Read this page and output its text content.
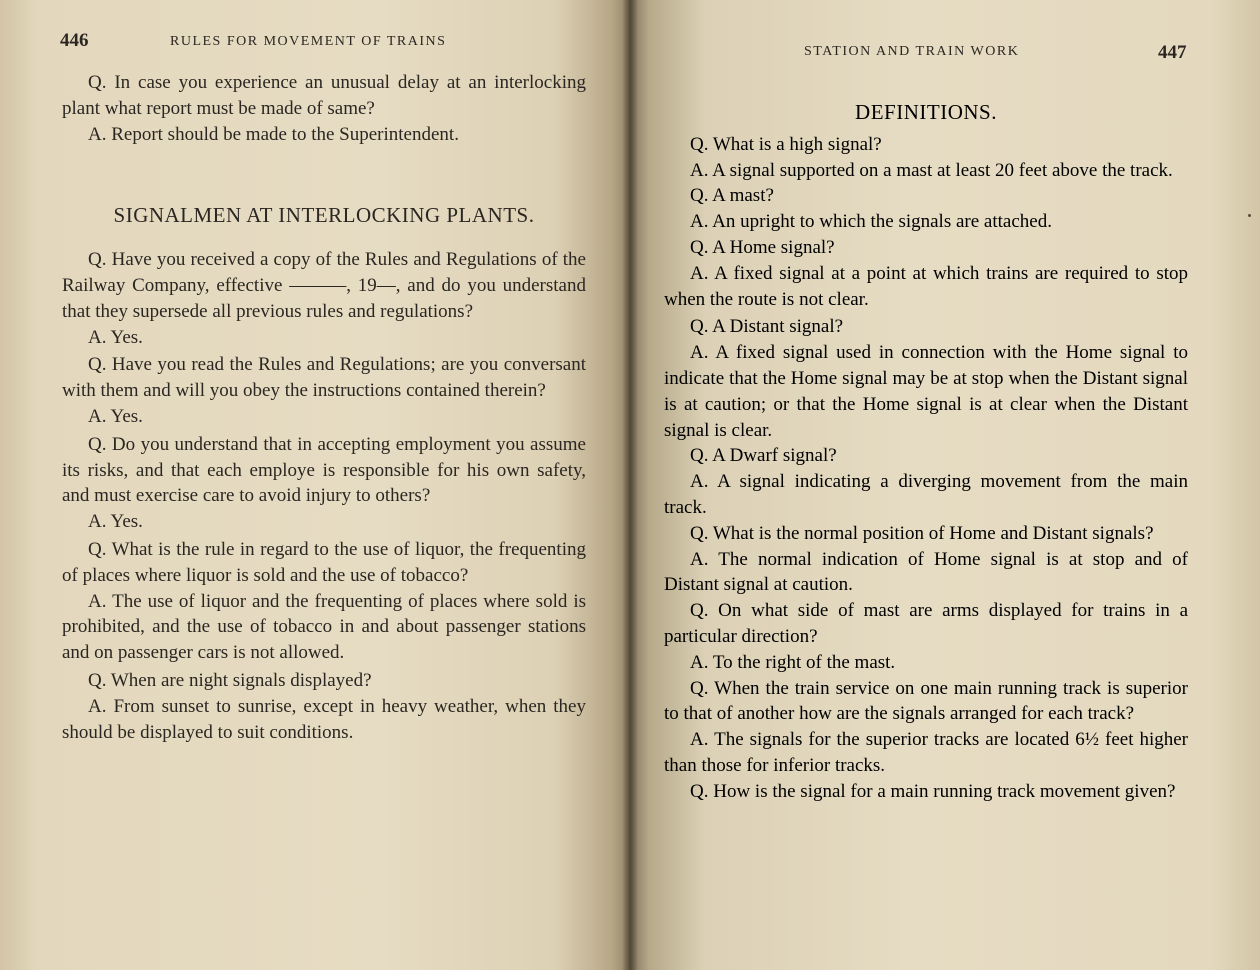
446	RULES FOR MOVEMENT OF TRAINS

Q. In case you experience an unusual delay at an interlocking plant what report must be made of same?

A. Report should be made to the Superintendent.

SIGNALMEN AT INTERLOCKING PLANTS.

Q. Have you received a copy of the Rules and Regulations of the Railway Company, effective ———, 19—, and do you understand that they supersede all previous rules and regulations?

A. Yes.

Q. Have you read the Rules and Regulations; are you conversant with them and will you obey the instructions contained therein?

A. Yes.

Q. Do you understand that in accepting employment you assume its risks, and that each employe is responsible for his own safety, and must exercise care to avoid injury to others?

A. Yes.

Q. What is the rule in regard to the use of liquor, the frequenting of places where liquor is sold and the use of tobacco?

A. The use of liquor and the frequenting of places where sold is prohibited, and the use of tobacco in and about passenger stations and on passenger cars is not allowed.

Q. When are night signals displayed?

A. From sunset to sunrise, except in heavy weather, when they should be displayed to suit conditions.

STATION AND TRAIN WORK	447

DEFINITIONS.

Q. What is a high signal?

A. A signal supported on a mast at least 20 feet above the track.

Q. A mast?

A. An upright to which the signals are attached.

Q. A Home signal?

A. A fixed signal at a point at which trains are required to stop when the route is not clear.

Q. A Distant signal?

A. A fixed signal used in connection with the Home signal to indicate that the Home signal may be at stop when the Distant signal is at caution; or that the Home signal is at clear when the Distant signal is clear.

Q. A Dwarf signal?

A. A signal indicating a diverging movement from the main track.

Q. What is the normal position of Home and Distant signals?

A. The normal indication of Home signal is at stop and of Distant signal at caution.

Q. On what side of mast are arms displayed for trains in a particular direction?

A. To the right of the mast.

Q. When the train service on one main running track is superior to that of another how are the signals arranged for each track?

A. The signals for the superior tracks are located 6½ feet higher than those for inferior tracks.

Q. How is the signal for a main running track movement given?
